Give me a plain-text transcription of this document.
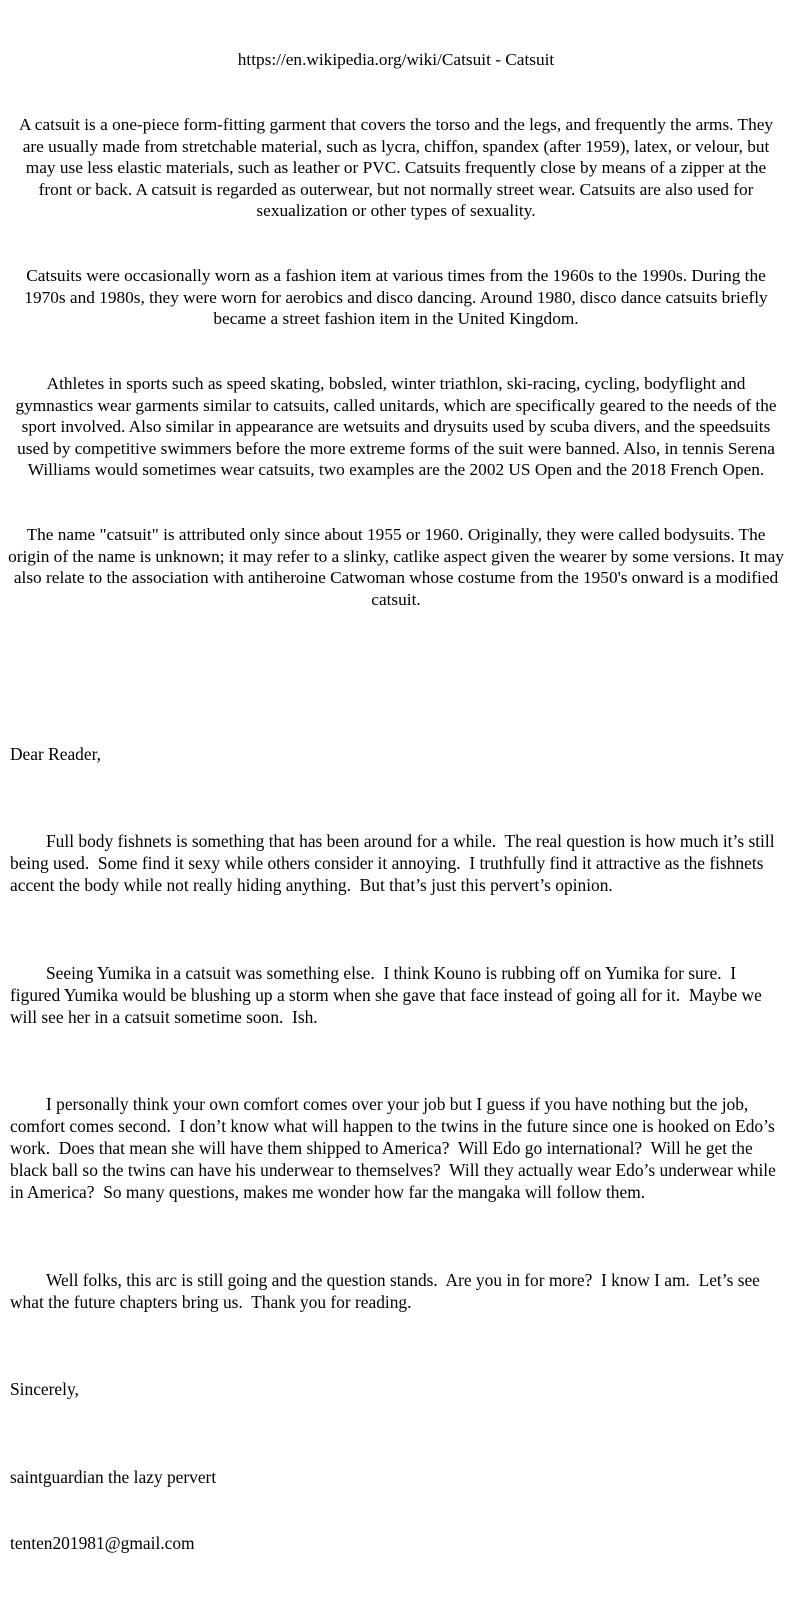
https://en.wikipedia.org/wiki/Catsuit - Catsuit

A catsuit is a one-piece form-fitting garment that covers the torso and the legs, and frequently the arms. They are usually made from stretchable material, such as lycra, chiffon, spandex (after 1959), latex, or velour, but may use less elastic materials, such as leather or PVC. Catsuits frequently close by means of a zipper at the front or back. A catsuit is regarded as outerwear, but not normally street wear. Catsuits are also used for sexualization or other types of sexuality.

Catsuits were occasionally worn as a fashion item at various times from the 1960s to the 1990s. During the 1970s and 1980s, they were worn for aerobics and disco dancing. Around 1980, disco dance catsuits briefly became a street fashion item in the United Kingdom.

Athletes in sports such as speed skating, bobsled, winter triathlon, ski-racing, cycling, bodyflight and gymnastics wear garments similar to catsuits, called unitards, which are specifically geared to the needs of the sport involved. Also similar in appearance are wetsuits and drysuits used by scuba divers, and the speedsuits used by competitive swimmers before the more extreme forms of the suit were banned. Also, in tennis Serena Williams would sometimes wear catsuits, two examples are the 2002 US Open and the 2018 French Open.

The name "catsuit" is attributed only since about 1955 or 1960. Originally, they were called bodysuits. The origin of the name is unknown; it may refer to a slinky, catlike aspect given the wearer by some versions. It may also relate to the association with antiheroine Catwoman whose costume from the 1950's onward is a modified catsuit.

Dear Reader,

Full body fishnets is something that has been around for a while.  The real question is how much it’s still being used.  Some find it sexy while others consider it annoying.  I truthfully find it attractive as the fishnets accent the body while not really hiding anything.  But that’s just this pervert’s opinion.

Seeing Yumika in a catsuit was something else.  I think Kouno is rubbing off on Yumika for sure.  I figured Yumika would be blushing up a storm when she gave that face instead of going all for it.  Maybe we will see her in a catsuit sometime soon.  Ish.

I personally think your own comfort comes over your job but I guess if you have nothing but the job, comfort comes second.  I don’t know what will happen to the twins in the future since one is hooked on Edo’s work.  Does that mean she will have them shipped to America?  Will Edo go international?  Will he get the black ball so the twins can have his underwear to themselves?  Will they actually wear Edo’s underwear while in America?  So many questions, makes me wonder how far the mangaka will follow them.

Well folks, this arc is still going and the question stands.  Are you in for more?  I know I am.  Let’s see what the future chapters bring us.  Thank you for reading.

Sincerely,

saintguardian the lazy pervert

tenten201981@gmail.com
